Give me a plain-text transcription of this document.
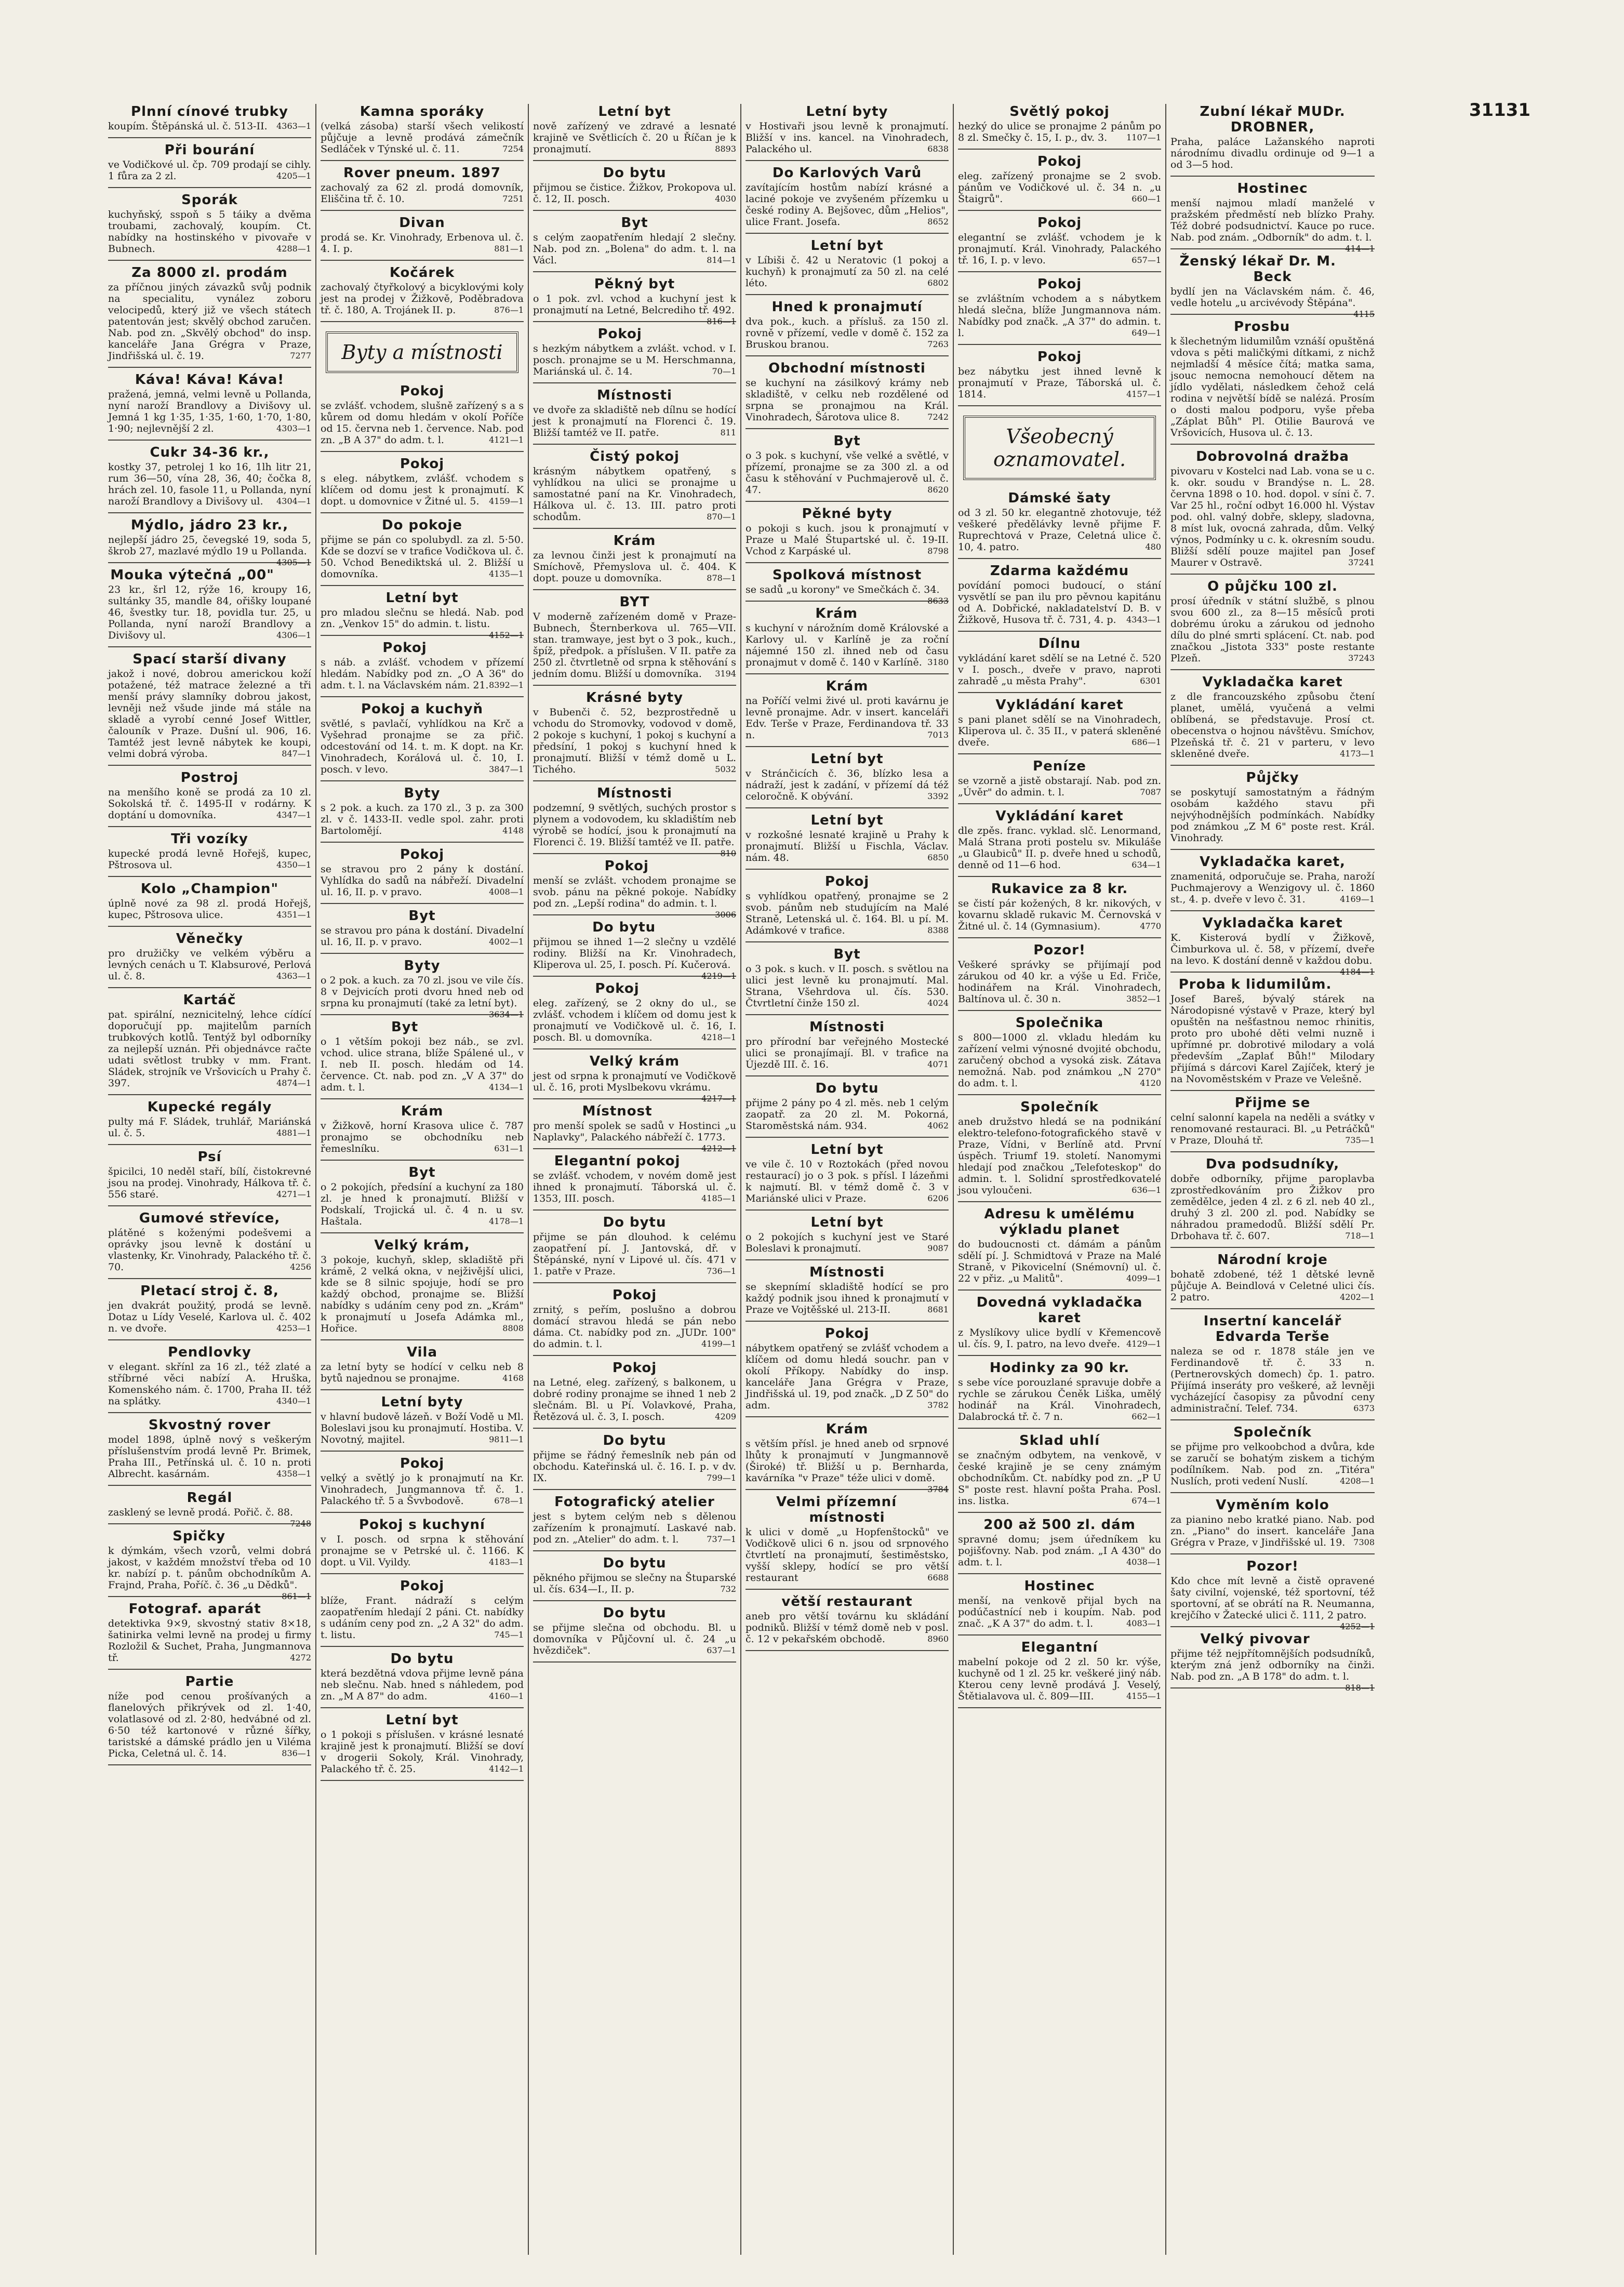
31131
Plnní cínové trubky

koupím. Štěpánská ul. č. 513-II. 4363—1

Při bourání

ve Vodičkové ul. čp. 709 prodají se cihly. 1 fůra za 2 zl.	4205—1

Sporák

kuchyňský, sspoň s 5 táiky a dvěma troubami, zachovalý, koupím. Ct. nabídky na hostinského v pivovaře v Bubnech.	4288—1

Za 8000 zl. prodám

za příčnou jiných závazků svůj podnik na specialitu, vynález zoboru velocipedů, který již ve všech státech patentován jest; skvělý obchod zaručen. Nab. pod zn. „Skvělý obchod" do insp. kanceláře Jana Grégra v Praze, Jindřišská ul. č. 19.	7277

Káva! Káva! Káva!

pražená, jemná, velmi levně u Pollanda, nyní naroží Brandlovy a Divišovy ul. Jemná 1 kg 1·35, 1·35, 1·60, 1·70, 1·80, 1·90; nejlevnější 2 zl.	4303—1

Cukr 34-36 kr.,

kostky 37, petrolej 1 ko 16, 1lh litr 21, rum 36—50, vína 28, 36, 40; čočka 8, hrách zel. 10, fasole 11, u Pollanda, nyní naroží Brandlovy a Divišovy ul. 4304—1

Mýdlo, jádro 23 kr.,

nejlepší jádro 25, čevegské 19, soda 5, škrob 27, mazlavé mýdlo 19 u Pollanda.
4305—1

Mouka výtečná „00"

23 kr., šrl 12, rýže 16, kroupy 16, sultánky 35, mandle 84, ořišky loupané 46, švestky tur. 18, povidla tur. 25, u Pollanda, nyní naroží Brandlovy a Divišovy ul.	4306—1

Spací starší divany

jakož i nové, dobrou americkou koží potažené, též matrace železné a tři menší právy slamníky dobrou jakost, levněji než všude jinde má stále na skladě a vyrobí cenné Josef Wittler, čalouník v Praze. Dušní ul. 906, 16. Tamtéž jest levně nábytek ke koupi, velmi dobrá výroba.	847—1

Postroj

na menšího koně se prodá za 10 zl. Sokolská tř. č. 1495-II v rodárny. K doptání u domovníka.	4347—1

Tři vozíky

kupecké prodá levně Hořejš, kupec, Pštrosova ul.	4350—1

Kolo „Champion"

úplně nové za 98 zl. prodá Hořejš, kupec, Pštrosova ulice.	4351—1

Věnečky

pro družičky ve velkém výběru a levných cenách u T. Klabsurové, Perlová ul. č. 8.	4363—1

Kartáč

pat. spirální, neznicitelný, lehce cídící doporučují pp. majitelům parních trubkových kotlů. Tentýž byl odborníky za nejlepší uznán. Při objednávce račte udati světlost trubky v mm. Frant. Sládek, strojník ve Vršovicích u Prahy č. 397.	4874—1

Kupecké regály

pulty má F. Sládek, truhlář, Mariánská ul. č. 5.	4881—1

Psí

špicilci, 10 neděl staří, bílí, čistokrevné jsou na prodej. Vinohrady, Hálkova tř. č. 556 staré.	4271—1

Gumové střevíce,

plátěné s koženými podešvemi a oprávky jsou levně k dostání u vlastenky, Kr. Vinohrady, Palackého tř. č. 70.	4256

Pletací stroj č. 8,

jen dvakrát použitý, prodá se levně. Dotaz u Lídy Veselé, Karlova ul. č. 402 n. ve dvoře.	4253—1

Pendlovky

v elegant. skřínl za 16 zl., též zlaté a stříbrné věci nabízí A. Hruška, Komenského nám. č. 1700, Praha II. též na splátky.	4340—1

Skvostný rover

model 1898, úplně nový s veškerým příslušenstvím prodá levně Pr. Brimek, Praha III., Petřínská ul. č. 10 n. proti Albrecht. kasárnám.	4358—1

Regál

zasklený se levně prodá. Pořič. č. 88.
7248

Spičky

k dýmkám, všech vzorů, velmi dobrá jakost, v každém množství třeba od 10 kr. nabízí p. t. pánům obchodníkům A. Frajnd, Praha, Poříč. č. 36 „u Dědků".
861—1

Fotograf. aparát

detektivka 9×9, skvostný stativ 8×18, šatinirka velmi levně na prodej u firmy Rozložil & Suchet, Praha, Jungmannova tř.	4272

Partie

níže pod cenou prošívaných a flanelových přikrývek od zl. 1·40, volatlasové od zl. 2·80, hedvábné od zl. 6·50 též kartonové v různé šířky, taristské a dámské prádlo jen u Viléma Picka, Celetná ul. č. 14.	836—1

Kamna sporáky

(velká zásoba) starší všech velikostí půjčuje a levně prodává zámečník Sedláček v Týnské ul. č. 11.	7254

Rover pneum. 1897

zachovalý za 62 zl. prodá domovník, Eliščina tř. č. 10.	7251

Divan

prodá se. Kr. Vinohrady, Erbenova ul. č. 4. I. p.	881—1

Kočárek

zachovalý čtyřkolový a bicyklovými koly jest na prodej v Žižkově, Poděbradova tř. č. 180, A. Trojánek II. p.	876—1

Byty a místnosti
Pokoj

se zvlášť. vchodem, slušně zařízený s a s kůrem od domu hledám v okolí Poříče od 15. června neb 1. července. Nab. pod zn. „B A 37" do adm. t. l.	4121—1

Pokoj

s eleg. nábytkem, zvlášť. vchodem s klíčem od domu jest k pronajmutí. K dopt. u domovnice v Žitné ul. 5. 4159—1

Do pokoje

přijme se pán co spolubydl. za zl. 5·50. Kde se dozví se v trafice Vodičkova ul. č. 50. Vchod Benediktská ul. 2. Bližší u domovníka.	4135—1

Letní byt

pro mladou slečnu se hledá. Nab. pod zn. „Venkov 15" do admin. t. listu.
4152—1

Pokoj

s náb. a zvlášť. vchodem v přízemí hledám. Nabídky pod zn. „O A 36" do adm. t. l. na Václavském nám. 21. 8392—1

Pokoj a kuchyň

světlé, s pavlačí, vyhlídkou na Krč a Vyšehrad pronajme se za přič. odcestování od 14. t. m. K dopt. na Kr. Vinohradech, Korálová ul. č. 10, I. posch. v levo.	3847—1

Byty

s 2 pok. a kuch. za 170 zl., 3 p. za 300 zl. v č. 1433-II. vedle spol. zahr. proti Bartolomějí.	4148

Pokoj

se stravou pro 2 pány k dostání. Vyhlídka do sadů na nábřeží. Divadelní ul. 16, II. p. v pravo.	4008—1

Byt

se stravou pro pána k dostání. Divadelní ul. 16, II. p. v pravo.	4002—1

Byty

o 2 pok. a kuch. za 70 zl. jsou ve vile čís. 8 v Dejvicích proti dvoru hned neb od srpna ku pronajmutí (také za letní byt).
3634—1

Byt

o 1 větším pokoji bez náb., se zvl. vchod. ulice strana, blíže Spálené ul., v I. neb II. posch. hledám od 14. července. Ct. nab. pod zn. „V A 37" do adm. t. l.	4134—1

Krám

v Žižkově, horní Krasova ulice č. 787 pronajmo se obchodníku neb řemeslníku.	631—1

Byt

o 2 pokojích, předsíní a kuchyní za 180 zl. je hned k pronajmutí. Bližší v Podskalí, Trojická ul. č. 4 n. u sv. Haštala.	4178—1

Velký krám,

3 pokoje, kuchyň, sklep, skladiště při krámě, 2 velká okna, v nejživější ulici, kde se 8 silnic spojuje, hodí se pro každý obchod, pronajme se. Bližší nabídky s udáním ceny pod zn. „Krám" k pronajmutí u Josefa Adámka ml., Hořice.	8808

Vila

za letní byty se hodící v celku neb 8 bytů najednou se pronajme.	4168

Letní byty

v hlavní budově lázeň. v Boží Vodě u Ml. Boleslavi jsou ku pronajmutí. Hostiba. V. Novotný, majitel.	9811—1

Pokoj

velký a světlý jo k pronajmutí na Kr. Vinohradech, Jungmannova tř. č. 1. Palackého tř. 5 a Švvbodově.	678—1

Pokoj s kuchyní

v I. posch. od srpna k stěhování pronajme se v Petrské ul. č. 1166. K dopt. u Vil. Vyildy.	4183—1

Pokoj

blíže, Frant. nádraží s celým zaopatřením hledají 2 páni. Ct. nabídky s udáním ceny pod zn. „2 A 32" do adm. t. listu.	745—1

Do bytu

která bezdětná vdova přijme levně pána neb slečnu. Nab. hned s náhledem, pod zn. „M A 87" do adm.	4160—1

Letní byt

o 1 pokoji s příslušen. v krásné lesnaté krajině jest k pronajmutí. Bližší se doví v drogerii Sokoly, Král. Vinohrady, Palackého tř. č. 25.	4142—1

Letní byt

nově zařízený ve zdravé a lesnaté krajině ve Světlicích č. 20 u Říčan je k pronajmutí.	8893

Do bytu

přijmou se čistice. Žižkov, Prokopova ul. č. 12, II. posch.	4030

Byt

s celým zaopatřením hledají 2 slečny. Nab. pod zn. „Bolena" do adm. t. l. na Václ.	814—1

Pěkný byt

o 1 pok. zvl. vchod a kuchyní jest k pronajmutí na Letné, Belcrediho tř. 492.
816—1

Pokoj

s hezkým nábytkem a zvlášt. vchod. v I. posch. pronajme se u M. Herschmanna, Mariánská ul. č. 14.	70—1

Místnosti

ve dvoře za skladiště neb dílnu se hodící jest k pronajmutí na Florenci č. 19. Bližší tamtéž ve II. patře.	811

Čistý pokoj

krásným nábytkem opatřený, s vyhlídkou na ulici se pronajme u samostatné paní na Kr. Vinohradech, Hálkova ul. č. 13. III. patro proti schodům.	870—1

Krám

za levnou činži jest k pronajmutí na Smíchově, Přemyslova ul. č. 404. K dopt. pouze u domovníka.	878—1

BYT

V moderně zařízeném domě v Praze-Bubnech, Šternberkova ul. 765—VII. stan. tramwaye, jest byt o 3 pok., kuch., špíž, předpok. a příslušen. V II. patře za 250 zl. čtvrtletně od srpna k stěhování s jedním domu. Bližší u domovníka. 3194

Krásné byty

v Bubenči č. 52, bezprostředně u vchodu do Stromovky, vodovod v domě, 2 pokoje s kuchyní, 1 pokoj s kuchyní a předsíní, 1 pokoj s kuchyní hned k pronajmutí. Bližší v témž domě u L. Tichého.	5032

Místnosti

podzemní, 9 světlých, suchých prostor s plynem a vodovodem, ku skladištím neb výrobě se hodící, jsou k pronajmutí na Florenci č. 19. Bližší tamtéž ve II. patře.
810

Pokoj

menší se zvlášt. vchodem pronajme se svob. pánu na pěkné pokoje. Nabídky pod zn. „Lepší rodina" do admin. t. l.
3006

Do bytu

přijmou se ihned 1—2 slečny u vzdělé rodiny. Bližší na Kr. Vinohradech, Kliperova ul. 25, I. posch. Pí. Kučerová.
4219—1

Pokoj

eleg. zařízený, se 2 okny do ul., se zvlášť. vchodem i klíčem od domu jest k pronajmutí ve Vodičkově ul. č. 16, I. posch. Bl. u domovníka.	4218—1

Velký krám

jest od srpna k pronajmutí ve Vodičkově ul. č. 16, proti Myslbekovu vkrámu.
4217—1

Místnost

pro menší spolek se sadů v Hostinci „u Naplavky", Palackého nábřeží č. 1773.
4212—1

Elegantní pokoj

se zvlášť. vchodem, v novém domě jest ihned k pronajmutí. Táborská ul. č. 1353, III. posch.	4185—1

Do bytu

přijme se pán dlouhod. k celému zaopatření pí. J. Jantovská, dř. v Štěpánské, nyní v Lipové ul. čís. 471 v 1. patře v Praze.	736—1

Pokoj

zrnitý, s peřím, poslušno a dobrou domácí stravou hledá se pán nebo dáma. Ct. nabídky pod zn. „JUDr. 100" do admin. t. l.	4199—1

Pokoj

na Letné, eleg. zařízený, s balkonem, u dobré rodiny pronajme se ihned 1 neb 2 slečnám. Bl. u Pí. Volavkové, Praha, Řetězová ul. č. 3, I. posch.	4209

Do bytu

přijme se řádný řemeslník neb pán od obchodu. Kateřinská ul. č. 16. I. p. v dv. IX.	799—1

Fotografický atelier

jest s bytem celým neb s dělenou zařízením k pronajmutí. Laskavé nab. pod zn. „Atelier" do adm. t. l.	737—1

Do bytu

pěkného přijmou se slečny na Štuparské ul. čís. 634—I., II. p.	732

Do bytu

se přijme slečna od obchodu. Bl. u domovníka v Půjčovní ul. č. 24 „u hvězdiček".	637—1

Letní byty

v Hostivaři jsou levně k pronajmutí. Bližší v ins. kancel. na Vinohradech, Palackého ul.	6838

Do Karlových Varů

zavítajícím hostům nabízí krásné a laciné pokoje ve zvyšeném přízemku u české rodiny A. Bejšovec, dům „Helios", ulice Frant. Josefa.	8652

Letní byt

v Líbiši č. 42 u Neratovic (1 pokoj a kuchyň) k pronajmutí za 50 zl. na celé léto.	6802

Hned k pronajmutí

dva pok., kuch. a přísluš. za 150 zl. rovně v přízemí, vedle v domě č. 152 za Bruskou branou.	7263

Obchodní místnosti

se kuchyní na zásilkový krámy neb skladiště, v celku neb rozdělené od srpna se pronajmou na Král. Vinohradech, Šárotova ulice 8.	7242

Byt

o 3 pok. s kuchyní, vše velké a světlé, v přízemí, pronajme se za 300 zl. a od času k stěhování v Puchmajerově ul. č. 47.	8620

Pěkné byty

o pokoji s kuch. jsou k pronajmutí v Praze u Malé Štupartské ul. č. 19-II. Vchod z Karpáské ul.	8798

Spolková místnost

se sadů „u korony" ve Smečkách č. 34.
8633

Krám

s kuchyní v nárožním domě Královské a Karlovy ul. v Karlíně je za roční nájemné 150 zl. ihned neb od času pronajmut v domě č. 140 v Karlíně. 3180

Krám

na Poříčí velmi živé ul. proti kavárnu je levně pronajme. Adr. v insert. kanceláři Edv. Terše v Praze, Ferdinandova tř. 33 n.	7013

Letní byt

v Stránčicích č. 36, blízko lesa a nádraží, jest k zadání, v přízemí dá též celoročně. K obývání.	3392

Letní byt

v rozkošné lesnaté krajině u Prahy k pronajmutí. Bližší u Fischla, Václav. nám. 48.	6850

Pokoj

s vyhlídkou opatřený, pronajme se 2 svob. pánům neb studujícím na Malé Straně, Letenská ul. č. 164. Bl. u pí. M. Adámkové v trafice.	8388

Byt

o 3 pok. s kuch. v II. posch. s světlou na ulici jest levně ku pronajmutí. Mal. Strana, Všehrdova ul. čís. 530. Čtvrtletní činže 150 zl.	4024

Místnosti

pro přírodní bar veřejného Mostecké ulici se pronajímají. Bl. v trafice na Újezdě III. č. 16.	4071

Do bytu

přijme 2 pány po 4 zl. měs. neb 1 celým zaopatř. za 20 zl. M. Pokorná, Staroměstská nám. 934.	4062

Letní byt

ve vile č. 10 v Roztokách (před novou restaurací) jo o 3 pok. s přísl. I lázeňmi k najmutí. Bl. v témž domě č. 3 v Mariánské ulici v Praze.	6206

Letní byt

o 2 pokojích s kuchyní jest ve Staré Boleslavi k pronajmutí.	9087

Místnosti

se skepnímí skladiště hodící se pro každý podnik jsou ihned k pronajmutí v Praze ve Vojtěšské ul. 213-II.	8681

Pokoj

nábytkem opatřený se zvlášť vchodem a klíčem od domu hledá souchr. pan v okolí Příkopy. Nabídky do insp. kanceláře Jana Grégra v Praze, Jindřišská ul. 19, pod značk. „D Z 50" do adm.	3782

Krám

s větším přísl. je hned aneb od srpnové lhůty k pronajmutí v Jungmannově (Široké) tř. Bližší u p. Bernharda, kavárníka "v Praze" téže ulici v domě.
3784

Velmi přízemní místnosti

k ulici v domě „u Hopfenštocků" ve Vodičkově ulici 6 n. jsou od srpnového čtvrtletí na pronajmutí, šestiměstsko, vyšší sklepy, hodící se pro větší restaurant	6688

větší restaurant

aneb pro větší továrnu ku skládání podniků. Bližší v témž domě neb v posl. č. 12 v pekařském obchodě.	8960

Světlý pokoj

hezký do ulice se pronajme 2 pánům po 8 zl. Smečky č. 15, I. p., dv. 3. 1107—1

Pokoj

eleg. zařízený pronajme se 2 svob. pánům ve Vodičkové ul. č. 34 n. „u Štaigrů".	660—1

Pokoj

elegantní se zvlášť. vchodem je k pronajmutí. Král. Vinohrady, Palackého tř. 16, I. p. v levo.	657—1

Pokoj

se zvláštním vchodem a s nábytkem hledá slečna, blíže Jungmannova nám. Nabídky pod značk. „A 37" do admin. t. l.	649—1

Pokoj

bez nábytku jest ihned levně k pronajmutí v Praze, Táborská ul. č. 1814.	4157—1

Všeobecný oznamovatel.
Dámské šaty

od 3 zl. 50 kr. elegantně zhotovuje, též veškeré předělávky levně přijme F. Ruprechtová v Praze, Celetná ulice č. 10, 4. patro.	480

Zdarma každému

povídání pomoci budoucí, o stání vysvětlí se pan ilu pro pěvnou kapitánu od A. Dobřické, nakladatelství D. B. v Žižkově, Husova tř. č. 731, 4. p. 4343—1

Dílnu

vykládání karet sdělí se na Letné č. 520 v I. posch., dveře v pravo, naproti zahradě „u města Prahy".	6301

Vykládání karet

s pani planet sdělí se na Vinohradech, Kliperova ul. č. 35 II., v paterá skleněné dveře.	686—1

Peníze

se vzorně a jistě obstarají. Nab. pod zn. „Úvěr" do admin. t. l.	7087

Vykládání karet

dle zpěs. franc. vyklad. slč. Lenormand, Malá Strana proti postelu sv. Mikuláše „u Glaubiců" II. p. dveře hned u schodů, denně od 11—6 hod.	634—1

Rukavice za 8 kr.

se čistí pár kožených, 8 kr. nikových, v kovarnu skladě rukavic M. Černovská v Žitné ul. č. 14 (Gymnasium).	4770

Pozor!

Veškeré správky se přijímají pod zárukou od 40 kr. a výše u Ed. Friče, hodinářem na Král. Vinohradech, Baltínova ul. č. 30 n.	3852—1

Společnika

s 800—1000 zl. vkladu hledám ku zařízení velmi výnosné dvojité obchodu, zaručený obchod a vysoká zisk. Zátava nemožná. Nab. pod známkou „N 270" do adm. t. l.	4120

Společník

aneb družstvo hledá se na podnikání elektro-telefono-fotografického stavě v Praze, Vídni, v Berlíně atd. První úspěch. Triumf 19. století. Nanomymi hledají pod značkou „Telefoteskop" do admin. t. l. Solidní sprostředkovatelé jsou vyloučeni.	636—1

Adresu k umělému výkladu planet

do budoucnosti ct. dámám a pánům sdělí pí. J. Schmidtová v Praze na Malé Straně, v Pikovicelní (Snémovní) ul. č. 22 v přiz. „u Malitů".	4099—1

Dovedná vykladačka karet

z Myslíkovy ulice bydlí v Křemencově ul. čís. 9, I. patro, na levo dveře. 4129—1

Hodinky za 90 kr.

s sebe více porouzlané spravuje dobře a rychle se zárukou Čeněk Liška, umělý hodinář na Král. Vinohradech, Dalabrocká tř. č. 7 n.	662—1

Sklad uhlí

se značným odbytem, na venkově, v české krajině je se ceny známým obchodníkům. Ct. nabídky pod zn. „P U S" poste rest. hlavní pošta Praha. Posl. ins. listka.	674—1

200 až 500 zl. dám

spravné domu; jsem úředníkem ku pojišťovny. Nab. pod znám. „I A 430" do adm. t. l.	4038—1

Hostinec

menší, na venkově přijal bych na podúčastnící neb i koupím. Nab. pod znač. „K A 37" do adm. t. l.	4083—1

Elegantní

mabelní pokoje od 2 zl. 50 kr. výše, kuchyně od 1 zl. 25 kr. veškeré jiný náb. Kterou ceny levně prodává J. Veselý, Štětialavova ul. č. 809—III.	4155—1

Zubní lékař MUDr. DROBNER,

Praha, paláce Lažanského naproti národnímu divadlu ordinuje od 9—1 a od 3—5 hod.

Hostinec

menší najmou mladí manželé v pražském předměstí neb blízko Prahy. Též dobré podsudnictví. Kauce po ruce. Nab. pod znám. „Odborník" do adm. t. l.
414—1

Ženský lékař Dr. M. Beck

bydlí jen na Václavském nám. č. 46, vedle hotelu „u arcivévody Štěpána".
4115

Prosbu

k šlechetným lidumilům vznáší opuštěná vdova s pěti maličkými dítkami, z nichž nejmladší 4 měsíce čítá; matka sama, jsouc nemocna nemohoucí dětem na jídlo vydělati, následkem čehož celá rodina v největší bídě se nalézá. Prosím o dosti malou podporu, vyše přeba „Záplat Bůh" Pl. Otilie Baurová ve Vršovicích, Husova ul. č. 13.

Dobrovolná dražba

pivovaru v Kostelci nad Lab. vona se u c. k. okr. soudu v Brandýse n. L. 28. června 1898 o 10. hod. dopol. v síni č. 7. Var 25 hl., roční odbyt 16.000 hl. Výstav pod. ohl. valný dobře, sklepy, sladovna, 8 míst luk, ovocná zahrada, dům. Velký výnos, Podmínky u c. k. okresním soudu. Bližší sdělí pouze majitel pan Josef Maurer v Ostravě.	37241

O půjčku 100 zl.

prosí úředník v státní službě, s plnou svou 600 zl., za 8—15 měsíců proti dobrému úroku a zárukou od jednoho dílu do plné smrti splácení. Ct. nab. pod značkou „Jistota 333" poste restante Plzeň.	37243

Vykladačka karet

z dle francouzského způsobu čtení planet, umělá, vyučená a velmi oblíbená, se představuje. Prosí ct. obecenstva o hojnou návštěvu. Smíchov, Plzeňská tř. č. 21 v parteru, v levo skleněné dveře.	4173—1

Půjčky

se poskytují samostatným a řádným osobám každého stavu při nejvýhodnějších podmínkách. Nabídky pod známkou „Z M 6" poste rest. Král. Vinohrady.

Vykladačka karet,

znamenitá, odporučuje se. Praha, naroží Puchmajerovy a Wenzigovy ul. č. 1860 st., 4. p. dveře v levo č. 31.	4169—1

Vykladačka karet

K. Kisterová bydlí v Žižkově, Čimburkova ul. č. 58, v přízemí, dveře na levo. K dostání denně v každou dobu.
4184—1

Proba k lidumilům.

Josef Bareš, bývalý stárek na Národopisné výstavě v Praze, který byl opuštěn na nešťastnou nemoc rhinitis, proto pro ubohé děti velmi nuzně i upřímné pr. dobrotivé milodary a volá především „Zaplať Bůh!" Milodary přijímá s dárcovi Karel Zajíček, který je na Novoměstském v Praze ve Velešně.

Přijme se

celní salonní kapela na neděli a svátky v renomované restauraci. Bl. „u Petráčků" v Praze, Dlouhá tř.	735—1

Dva podsudníky,

dobře odborníky, přijme paroplavba zprostředkováním pro Žižkov pro zemědělce, jeden 4 zl. z 6 zl. neb 40 zl., druhý 3 zl. 200 zl. pod. Nabídky se náhradou pramedodů. Bližší sdělí Pr. Drbohava tř. č. 607.	718—1

Národní kroje

bohatě zdobené, též 1 dětské levně půjčuje A. Beindlová v Celetné ulici čís. 2 patro.	4202—1

Insertní kancelář Edvarda Terše

naleza se od r. 1878 stále jen ve Ferdinandově tř. č. 33 n. (Pertnerovských domech) čp. 1. patro. Přijímá inseráty pro veškeré, až levněji vycházející časopisy za původní ceny administrační. Telef. 734.	6373

Společník

se přijme pro velkoobchod a dvůra, kde se zaručí se bohatým ziskem a tichým podílníkem. Nab. pod zn. „Titéra" Nuslích, proti vedení Nuslí.	4208—1

Vyměním kolo

za pianino nebo kratké piano. Nab. pod zn. „Piano" do insert. kanceláře Jana Grégra v Praze, v Jindřišské ul. 19. 7308

Pozor!

Kdo chce mít levně a čistě opravené šaty civilní, vojenské, též sportovní, též sportovní, ať se obrátí na R. Neumanna, krejčího v Žatecké ulici č. 111, 2 patro.
4252—1

Velký pivovar

přijme též nejpřítomnějších podsudníků, kterým zná jenž odborníky na činži. Nab. pod zn. „A B 178" do adm. t. l.
818—1
